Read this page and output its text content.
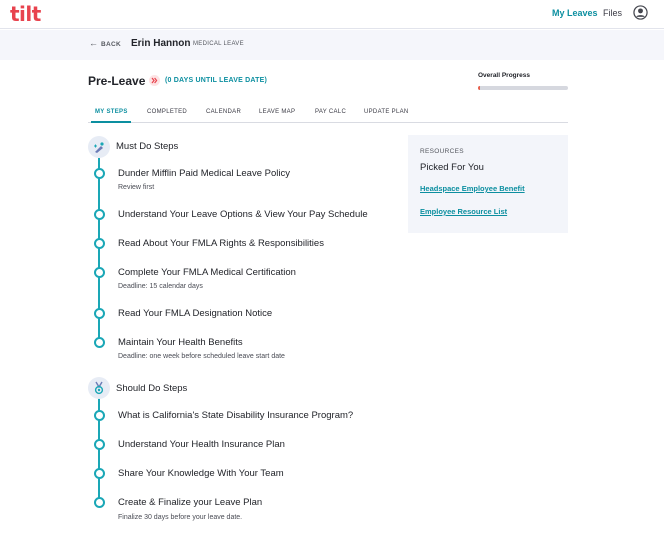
tilt	My Leaves Files
← BACK Erin Hannon MEDICAL LEAVE
Pre-Leave	(0 DAYS UNTIL LEAVE DATE)
Overall Progress
MY STEPS	COMPLETED	CALENDAR	LEAVE MAP	PAY CALC	UPDATE PLAN
Must Do Steps
Dunder Mifflin Paid Medical Leave Policy
Review first
Understand Your Leave Options & View Your Pay Schedule
Read About Your FMLA Rights & Responsibilities
Complete Your FMLA Medical Certification
Deadline: 15 calendar days
Read Your FMLA Designation Notice
Maintain Your Health Benefits
Deadline: one week before scheduled leave start date
Should Do Steps
What is California's State Disability Insurance Program?
Understand Your Health Insurance Plan
Share Your Knowledge With Your Team
Create & Finalize your Leave Plan
Finalize 30 days before your leave date.
RESOURCES
Picked For You
Headspace Employee Benefit
Employee Resource List
